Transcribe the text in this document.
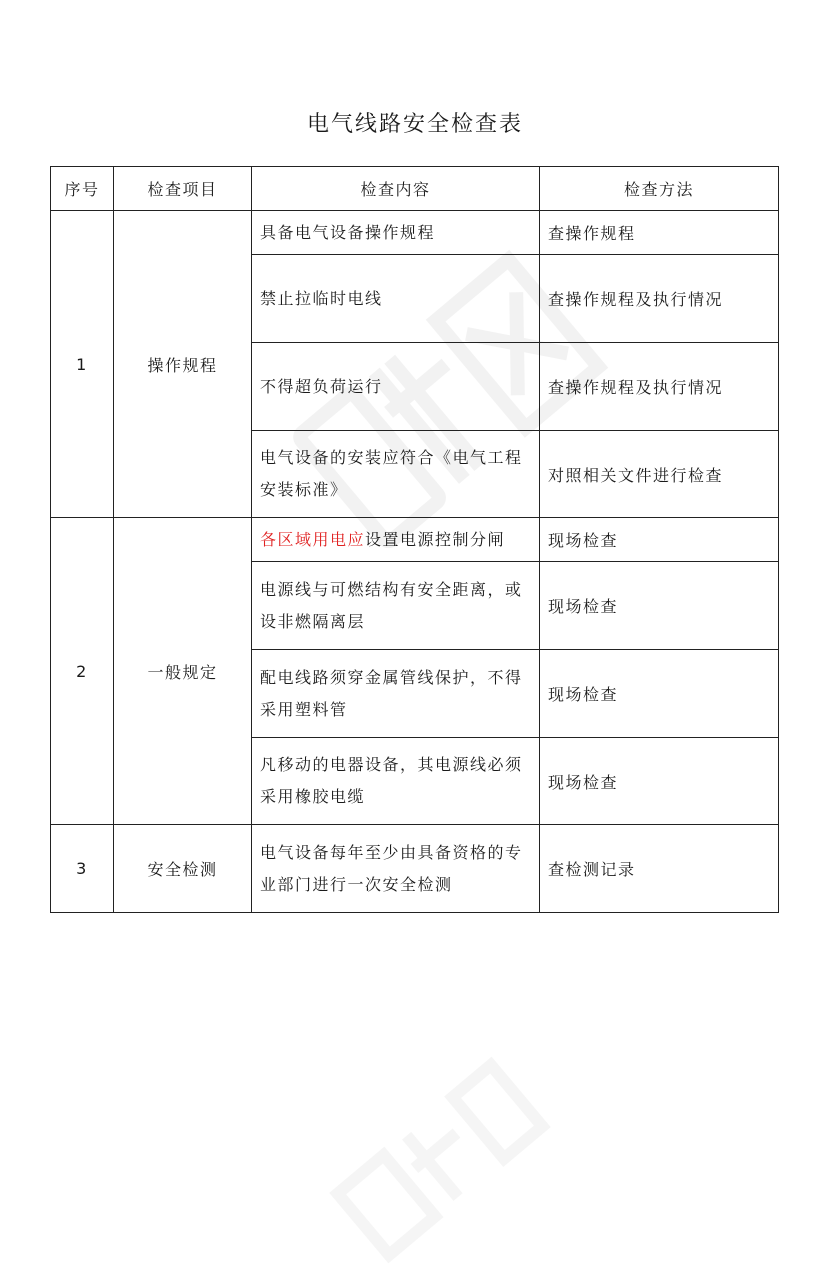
电气线路安全检查表
序号	检查项目	检查内容	检查方法
1	操作规程	具备电气设备操作规程	查操作规程
		禁止拉临时电线	查操作规程及执行情况
		不得超负荷运行	查操作规程及执行情况
		电气设备的安装应符合《电气工程安装标准》	对照相关文件进行检查
2	一般规定	各区域用电应设置电源控制分闸	现场检查
		电源线与可燃结构有安全距离，或设非燃隔离层	现场检查
		配电线路须穿金属管线保护，不得采用塑料管	现场检查
		凡移动的电器设备，其电源线必须采用橡胶电缆	现场检查
3	安全检测	电气设备每年至少由具备资格的专业部门进行一次安全检测	查检测记录
